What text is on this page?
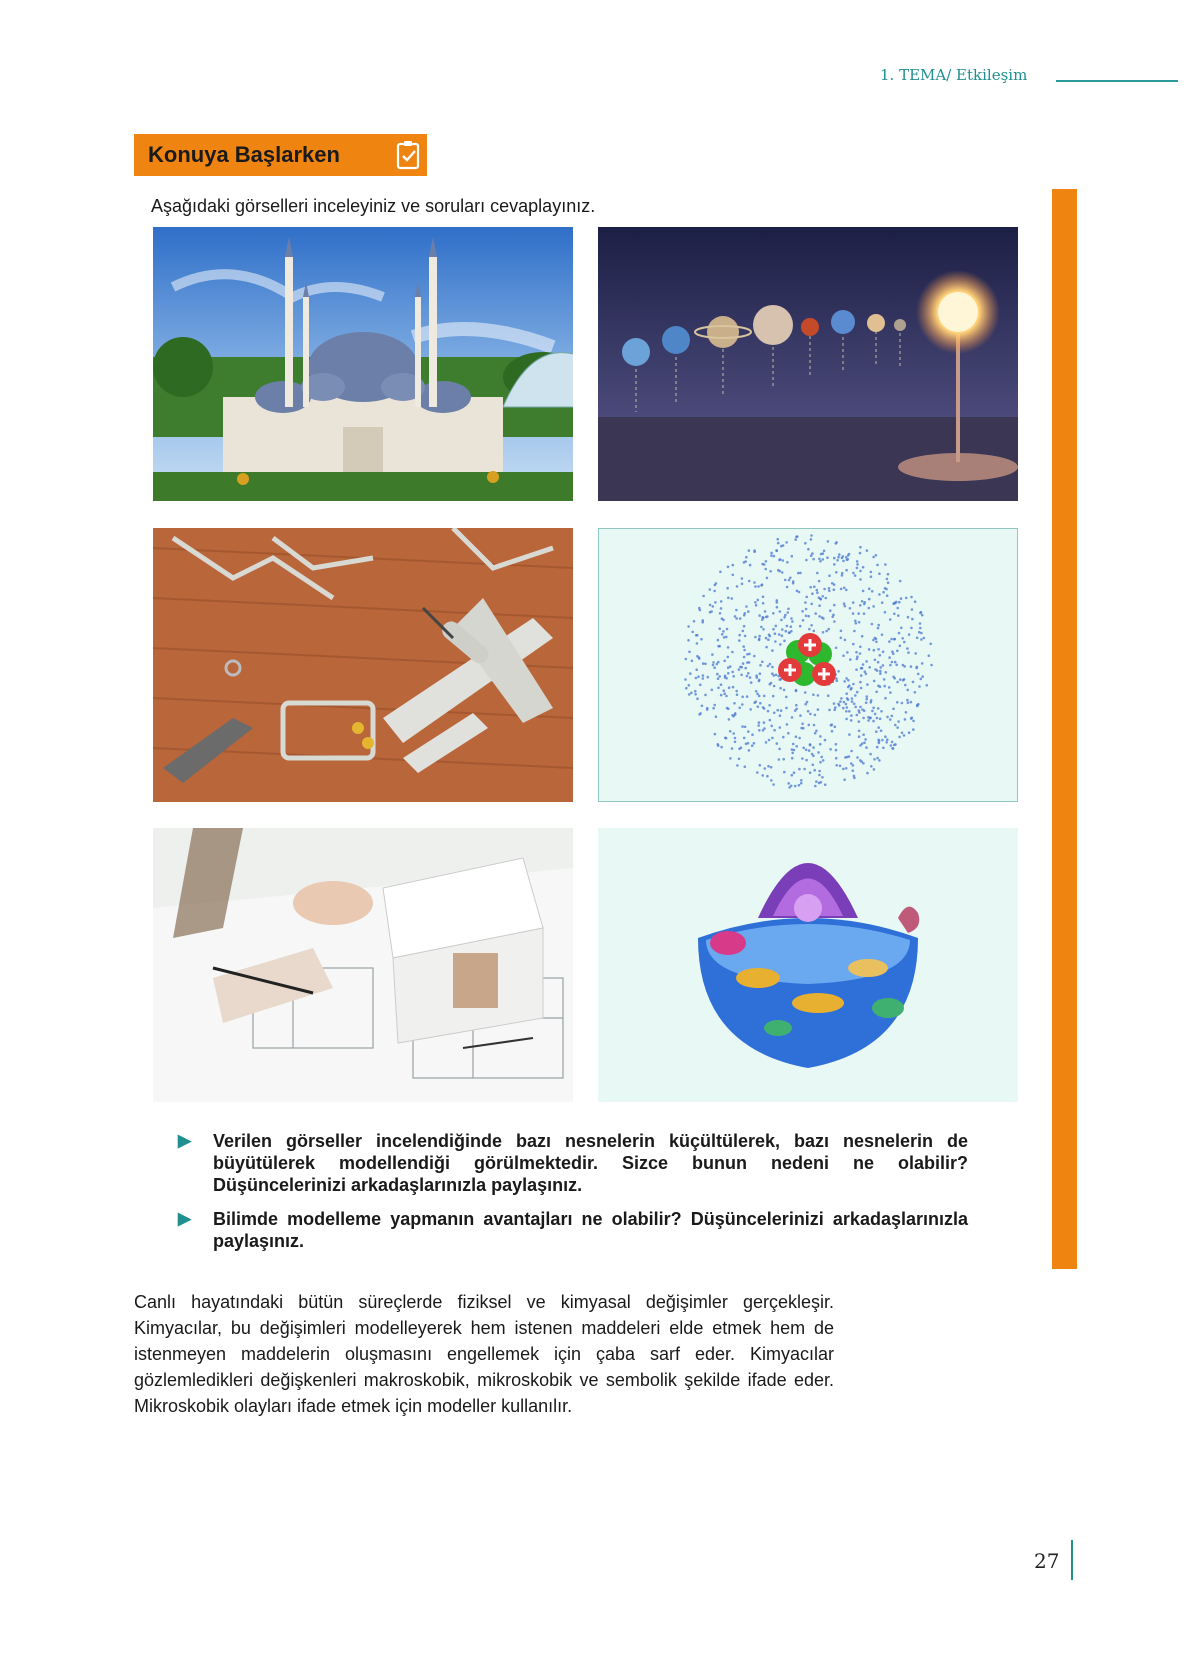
1. TEMA/ Etkileşim
Konuya Başlarken
Aşağıdaki görselleri inceleyiniz ve soruları cevaplayınız.
▶ Verilen görseller incelendiğinde bazı nesnelerin küçültülerek, bazı nesnelerin de büyütülerek modellendiği görülmektedir. Sizce bunun nedeni ne olabilir? Düşüncelerinizi arkadaşlarınızla paylaşınız.
▶ Bilimde modelleme yapmanın avantajları ne olabilir? Düşüncelerinizi arkadaşlarınızla paylaşınız.

Canlı hayatındaki bütün süreçlerde fiziksel ve kimyasal değişimler gerçekleşir. Kimyacılar, bu değişimleri modelleyerek hem istenen maddeleri elde etmek hem de istenmeyen maddelerin oluşmasını engellemek için çaba sarf eder. Kimyacılar gözlemledikleri değişkenleri makroskobik, mikroskobik ve sembolik şekilde ifade eder. Mikroskobik olayları ifade etmek için modeller kullanılır.

27
